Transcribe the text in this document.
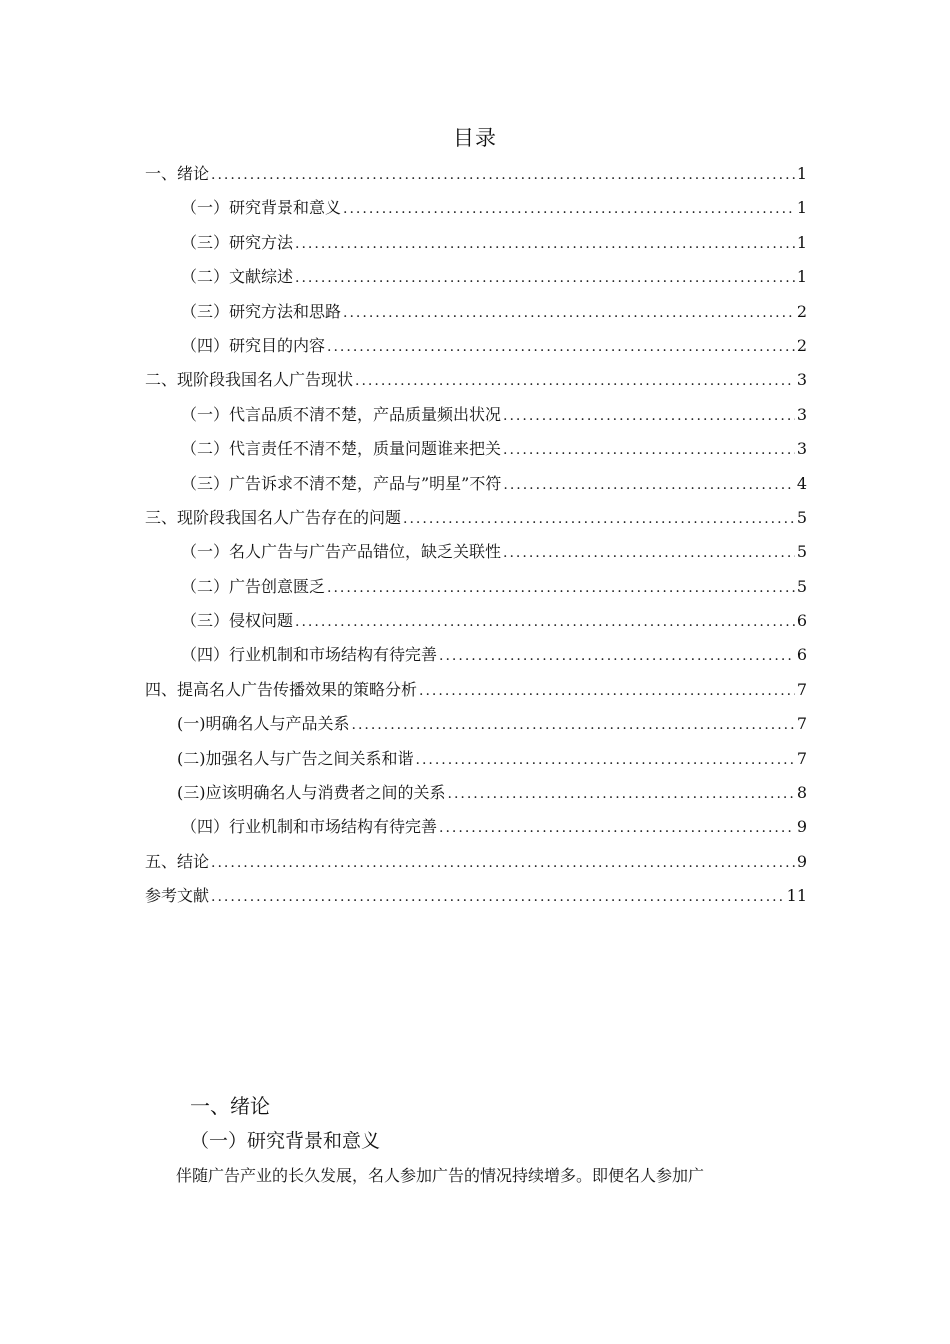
目录
一、绪论 .....	1
（一）研究背景和意义 .....	1
（三）研究方法 .....	1
（二）文献综述 .....	1
（三）研究方法和思路 .....	2
（四）研究目的内容 .....	2
二、现阶段我国名人广告现状 .....	3
（一）代言品质不清不楚，产品质量频出状况 .....	3
（二）代言责任不清不楚，质量问题谁来把关 .....	3
（三）广告诉求不清不楚，产品与”明星”不符 .....	4
三、现阶段我国名人广告存在的问题 .....	5
（一）名人广告与广告产品错位，缺乏关联性 .....	5
（二）广告创意匮乏 .....	5
（三）侵权问题 .....	6
（四）行业机制和市场结构有待完善 .....	6
四、提高名人广告传播效果的策略分析 .....	7
(一)明确名人与产品关系 .....	7
(二)加强名人与广告之间关系和谐 .....	7
(三)应该明确名人与消费者之间的关系 .....	8
（四）行业机制和市场结构有待完善 .....	9
五、结论 .....	9
参考文献 .....	11
一、绪论
（一）研究背景和意义
伴随广告产业的长久发展，名人参加广告的情况持续增多。即便名人参加广
